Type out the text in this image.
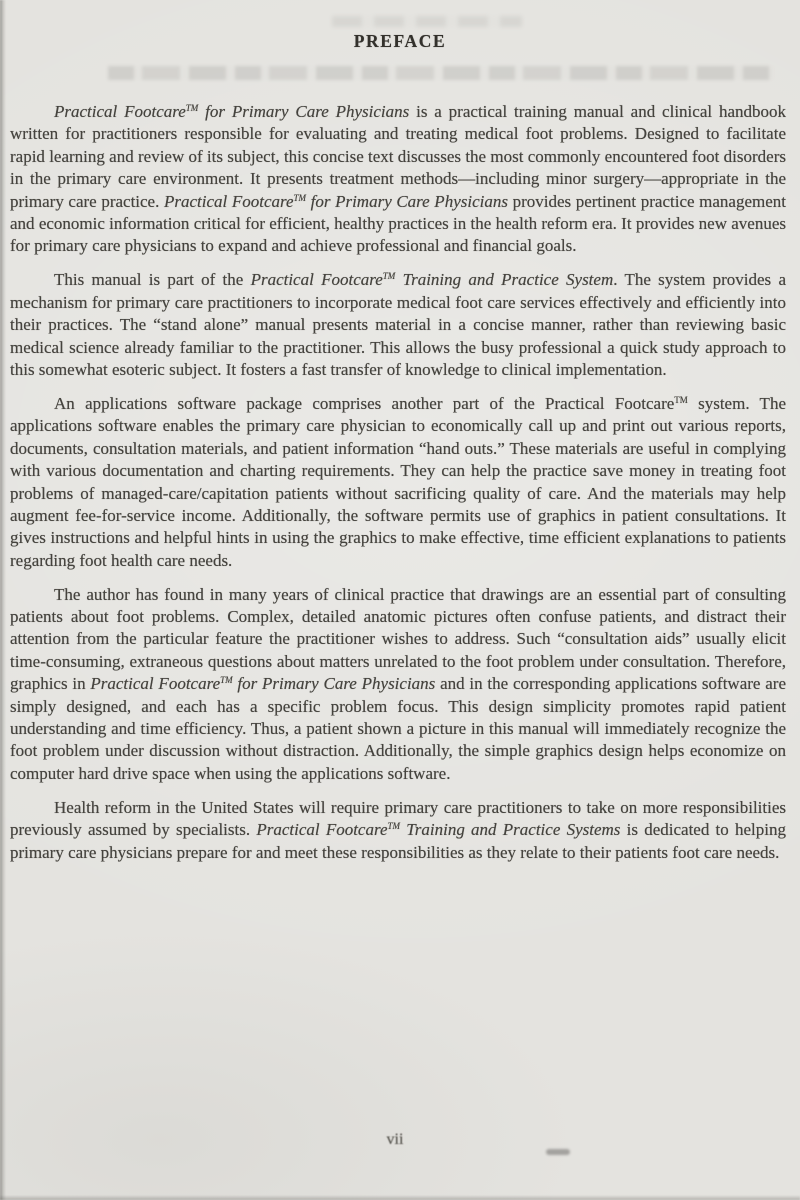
PREFACE

Practical Footcare™ for Primary Care Physicians is a practical training manual and clinical handbook written for practitioners responsible for evaluating and treating medical foot problems. Designed to facilitate rapid learning and review of its subject, this concise text discusses the most commonly encountered foot disorders in the primary care environment. It presents treatment methods—including minor surgery—appropriate in the primary care practice. Practical Footcare™ for Primary Care Physicians provides pertinent practice management and economic information critical for efficient, healthy practices in the health reform era. It provides new avenues for primary care physicians to expand and achieve professional and financial goals.

This manual is part of the Practical Footcare™ Training and Practice System. The system provides a mechanism for primary care practitioners to incorporate medical foot care services effectively and efficiently into their practices. The “stand alone” manual presents material in a concise manner, rather than reviewing basic medical science already familiar to the practitioner. This allows the busy professional a quick study approach to this somewhat esoteric subject. It fosters a fast transfer of knowledge to clinical implementation.

An applications software package comprises another part of the Practical Footcare™ system. The applications software enables the primary care physician to economically call up and print out various reports, documents, consultation materials, and patient information “hand outs.” These materials are useful in complying with various documentation and charting requirements. They can help the practice save money in treating foot problems of managed-care/capitation patients without sacrificing quality of care. And the materials may help augment fee-for-service income. Additionally, the software permits use of graphics in patient consultations. It gives instructions and helpful hints in using the graphics to make effective, time efficient explanations to patients regarding foot health care needs.

The author has found in many years of clinical practice that drawings are an essential part of consulting patients about foot problems. Complex, detailed anatomic pictures often confuse patients, and distract their attention from the particular feature the practitioner wishes to address. Such “consultation aids” usually elicit time-consuming, extraneous questions about matters unrelated to the foot problem under consultation. Therefore, graphics in Practical Footcare™ for Primary Care Physicians and in the corresponding applications software are simply designed, and each has a specific problem focus. This design simplicity promotes rapid patient understanding and time efficiency. Thus, a patient shown a picture in this manual will immediately recognize the foot problem under discussion without distraction. Additionally, the simple graphics design helps economize on computer hard drive space when using the applications software.

Health reform in the United States will require primary care practitioners to take on more responsibilities previously assumed by specialists. Practical Footcare™ Training and Practice Systems is dedicated to helping primary care physicians prepare for and meet these responsibilities as they relate to their patients foot care needs.

vii
